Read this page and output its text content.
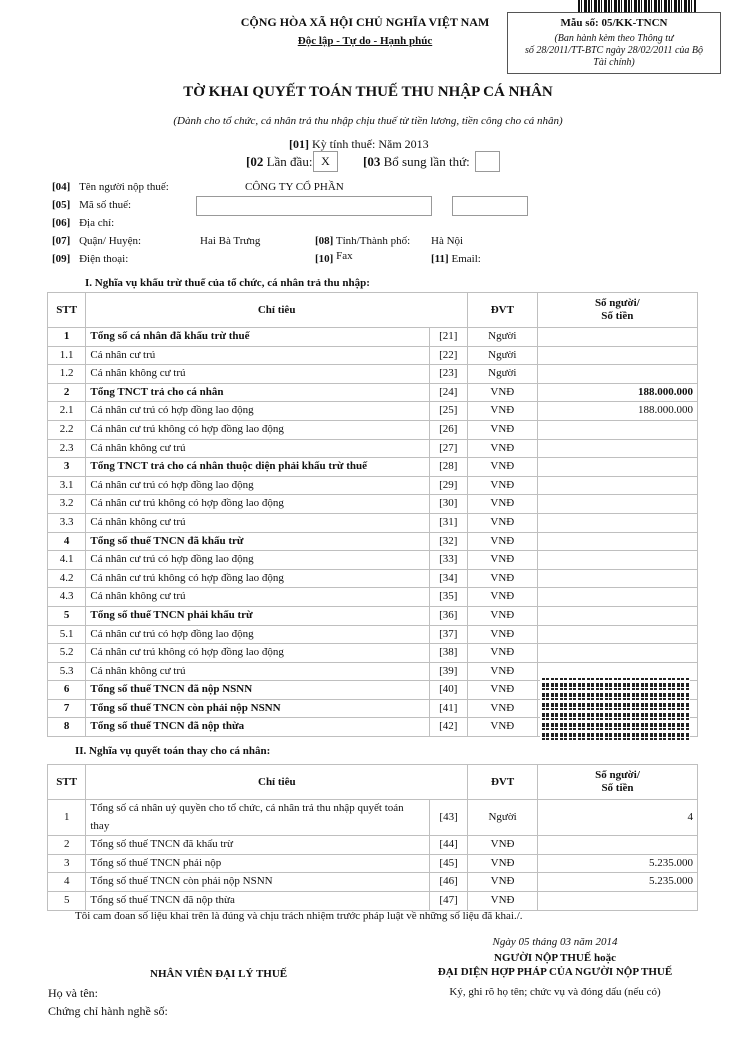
CỘNG HÒA XÃ HỘI CHỦ NGHĨA VIỆT NAM
Độc lập - Tự do - Hạnh phúc
Mẫu số: 05/KK-TNCN
(Ban hành kèm theo Thông tư
số 28/2011/TT-BTC ngày 28/02/2011 của Bộ
Tài chính)
TỜ KHAI QUYẾT TOÁN THUẾ THU NHẬP CÁ NHÂN
(Dành cho tổ chức, cá nhân trả thu nhập chịu thuế từ tiền lương, tiền công cho cá nhân)
[01] Kỳ tính thuế: Năm 2013
[02 Lần đầu: X	[03 Bổ sung lần thứ:
[04] Tên người nộp thuế:	CÔNG TY CỔ PHẦN
[05] Mã số thuế:
[06] Địa chỉ:
[07] Quận/ Huyện:	Hai Bà Trưng	[08] Tỉnh/Thành phố: Hà Nội
[09] Điện thoại:	[10] Fax	[11] Email:
I. Nghĩa vụ khấu trừ thuế của tổ chức, cá nhân trả thu nhập:
STT	Chỉ tiêu		ĐVT	Số người/
Số tiền
1	Tổng số cá nhân đã khấu trừ thuế	[21]	Người	
1.1	Cá nhân cư trú	[22]	Người	
1.2	Cá nhân không cư trú	[23]	Người	
2	Tổng TNCT trả cho cá nhân	[24]	VNĐ	188.000.000
2.1	Cá nhân cư trú có hợp đồng lao động	[25]	VNĐ	188.000.000
2.2	Cá nhân cư trú không có hợp đồng lao động	[26]	VNĐ	
2.3	Cá nhân không cư trú	[27]	VNĐ	
3	Tổng TNCT trả cho cá nhân thuộc diện phải khấu trừ thuế	[28]	VNĐ	
3.1	Cá nhân cư trú có hợp đồng lao động	[29]	VNĐ	
3.2	Cá nhân cư trú không có hợp đồng lao động	[30]	VNĐ	
3.3	Cá nhân không cư trú	[31]	VNĐ	
4	Tổng số thuế TNCN đã khấu trừ	[32]	VNĐ	
4.1	Cá nhân cư trú có hợp đồng lao động	[33]	VNĐ	
4.2	Cá nhân cư trú không có hợp đồng lao động	[34]	VNĐ	
4.3	Cá nhân không cư trú	[35]	VNĐ	
5	Tổng số thuế TNCN phải khấu trừ	[36]	VNĐ	
5.1	Cá nhân cư trú có hợp đồng lao động	[37]	VNĐ	
5.2	Cá nhân cư trú không có hợp đồng lao động	[38]	VNĐ	
5.3	Cá nhân không cư trú	[39]	VNĐ	
6	Tổng số thuế TNCN đã nộp NSNN	[40]	VNĐ	
7	Tổng số thuế TNCN còn phải nộp NSNN	[41]	VNĐ	
8	Tổng số thuế TNCN đã nộp thừa	[42]	VNĐ	
II. Nghĩa vụ quyết toán thay cho cá nhân:
STT	Chỉ tiêu		ĐVT	Số người/
Số tiền
1	Tổng số cá nhân uỷ quyền cho tổ chức, cá nhân trả thu nhập quyết toán thay	[43]	Người	4
2	Tổng số thuế TNCN đã khấu trừ	[44]	VNĐ	
3	Tổng số thuế TNCN phải nộp	[45]	VNĐ	5.235.000
4	Tổng số thuế TNCN còn phải nộp NSNN	[46]	VNĐ	5.235.000
5	Tổng số thuế TNCN đã nộp thừa	[47]	VNĐ	
Tôi cam đoan số liệu khai trên là đúng và chịu trách nhiệm trước pháp luật về những số liệu đã khai./.
Ngày 05 tháng 03 năm 2014
NGƯỜI NỘP THUẾ hoặc
ĐẠI DIỆN HỢP PHÁP CỦA NGƯỜI NỘP THUẾ
Ký, ghi rõ họ tên; chức vụ và đóng dấu (nếu có)
NHÂN VIÊN ĐẠI LÝ THUẾ
Họ và tên:
Chứng chỉ hành nghề số:
